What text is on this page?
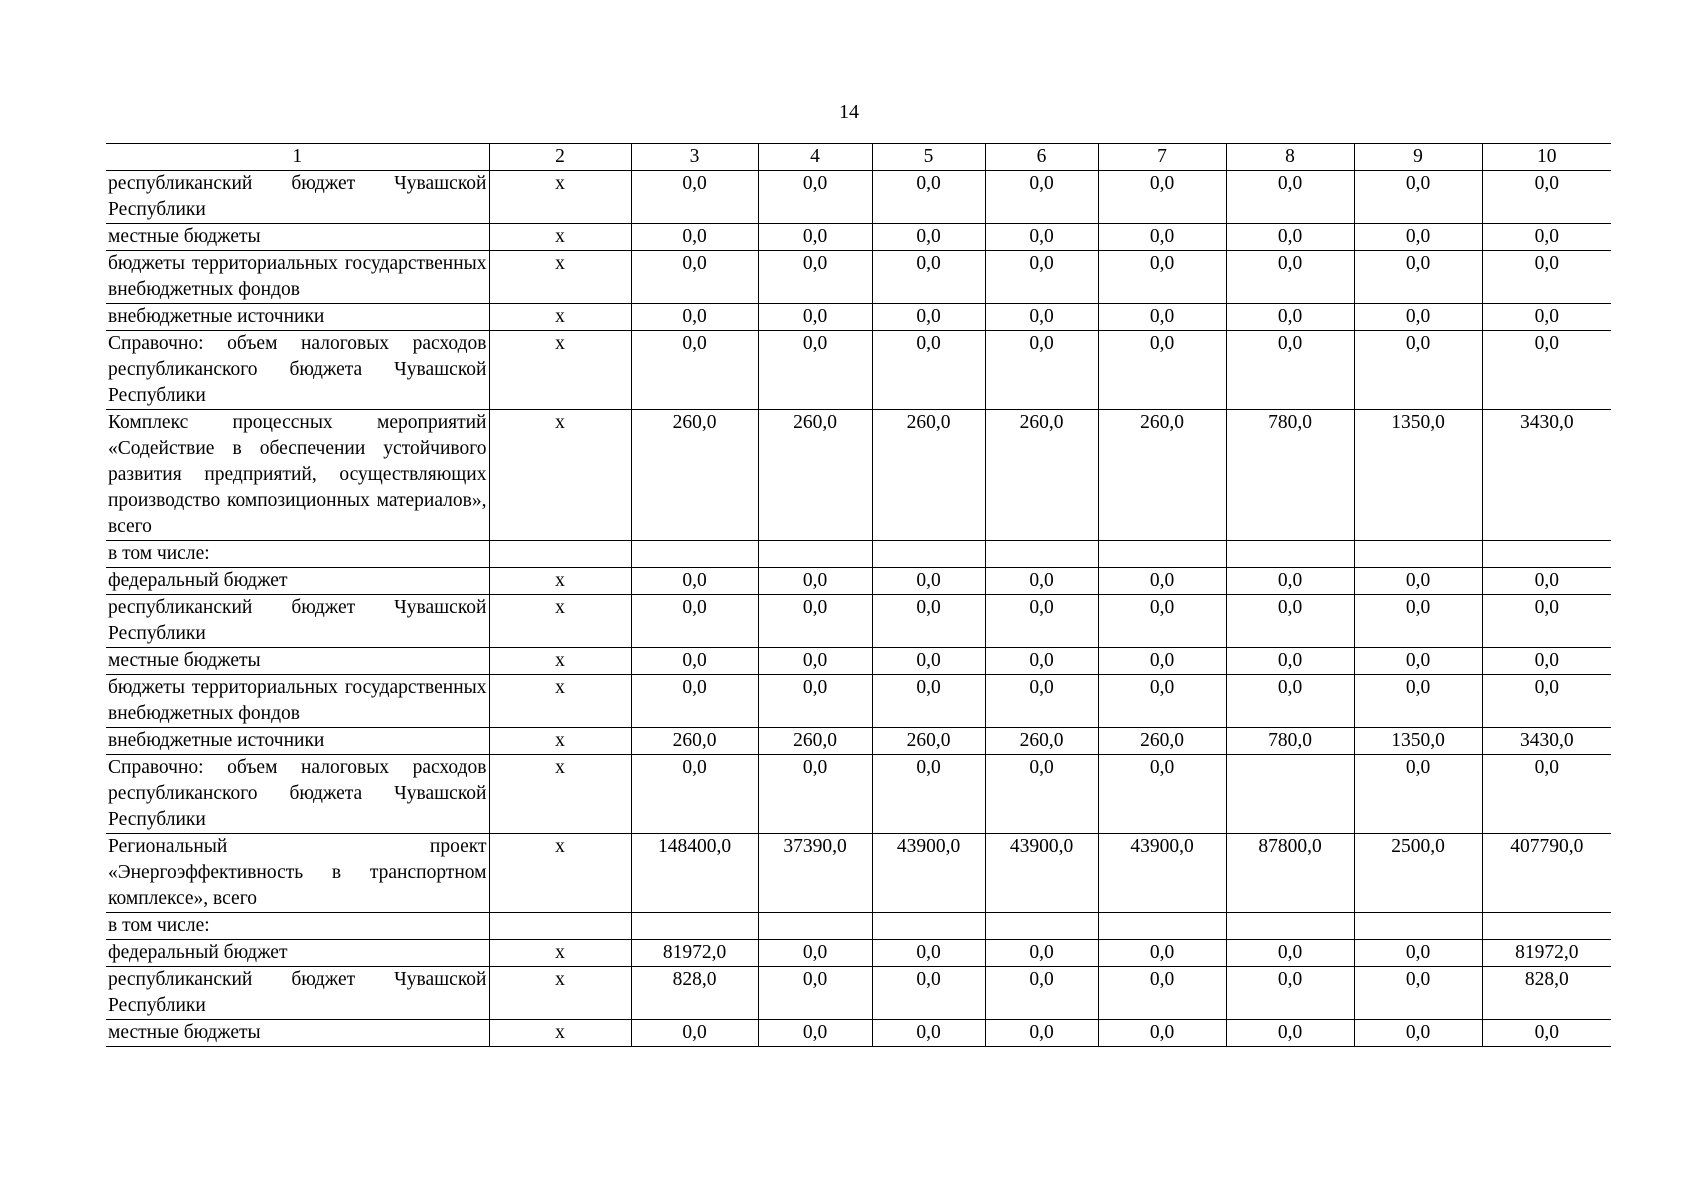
14
1	2	3	4	5	6	7	8	9	10
республиканский бюджет Чувашской Республики	х	0,0	0,0	0,0	0,0	0,0	0,0	0,0	0,0
местные бюджеты	х	0,0	0,0	0,0	0,0	0,0	0,0	0,0	0,0
бюджеты территориальных государственных внебюджетных фондов	х	0,0	0,0	0,0	0,0	0,0	0,0	0,0	0,0
внебюджетные источники	х	0,0	0,0	0,0	0,0	0,0	0,0	0,0	0,0
Справочно: объем налоговых расходов республиканского бюджета Чувашской Республики	х	0,0	0,0	0,0	0,0	0,0	0,0	0,0	0,0
Комплекс процессных мероприятий «Содействие в обеспечении устойчивого развития предприятий, осуществляющих производство композиционных материалов», всего	х	260,0	260,0	260,0	260,0	260,0	780,0	1350,0	3430,0
в том числе:									
федеральный бюджет	х	0,0	0,0	0,0	0,0	0,0	0,0	0,0	0,0
республиканский бюджет Чувашской Республики	х	0,0	0,0	0,0	0,0	0,0	0,0	0,0	0,0
местные бюджеты	х	0,0	0,0	0,0	0,0	0,0	0,0	0,0	0,0
бюджеты территориальных государственных внебюджетных фондов	х	0,0	0,0	0,0	0,0	0,0	0,0	0,0	0,0
внебюджетные источники	х	260,0	260,0	260,0	260,0	260,0	780,0	1350,0	3430,0
Справочно: объем налоговых расходов республиканского бюджета Чувашской Республики	х	0,0	0,0	0,0	0,0	0,0		0,0	0,0
Региональный проект «Энергоэффективность в транспортном комплексе», всего	х	148400,0	37390,0	43900,0	43900,0	43900,0	87800,0	2500,0	407790,0
в том числе:									
федеральный бюджет	х	81972,0	0,0	0,0	0,0	0,0	0,0	0,0	81972,0
республиканский бюджет Чувашской Республики	х	828,0	0,0	0,0	0,0	0,0	0,0	0,0	828,0
местные бюджеты	х	0,0	0,0	0,0	0,0	0,0	0,0	0,0	0,0
